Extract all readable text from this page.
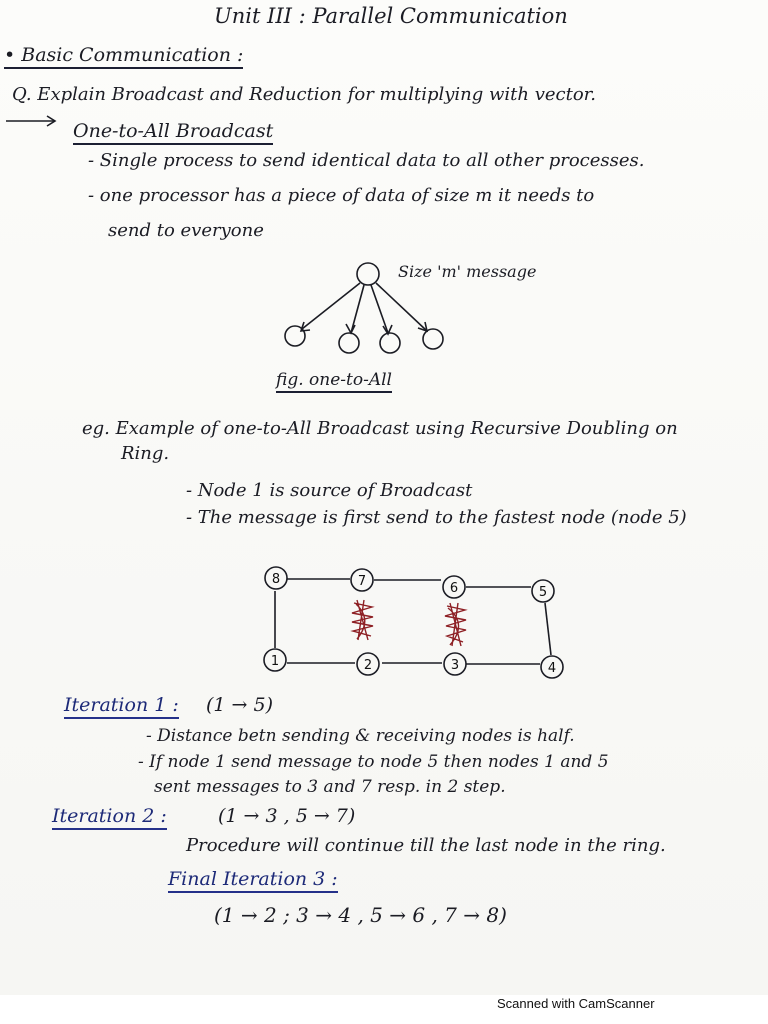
Unit III : Parallel Communication
• Basic Communication :
Q. Explain Broadcast and Reduction for multiplying with vector.
One-to-All Broadcast
- Single process to send identical data to all other processes.
- one processor has a piece of data of size m it needs to
send to everyone
Size 'm' message
fig. one-to-All
eg. Example of one-to-All Broadcast using Recursive Doubling on
Ring.
- Node 1 is source of Broadcast
- The message is first send to the fastest node (node 5)
8	7	6	5
1	2	3	4
Iteration 1 : (1 → 5)
- Distance betn sending & receiving nodes is half.
- If node 1 send message to node 5 then nodes 1 and 5
sent messages to 3 and 7 resp. in 2 step.
Iteration 2 :	(1 → 3 , 5 → 7)
Procedure will continue till the last node in the ring.
Final Iteration 3 :
(1 → 2 ; 3 → 4 , 5 → 6 , 7 → 8)
Scanned with CamScanner
